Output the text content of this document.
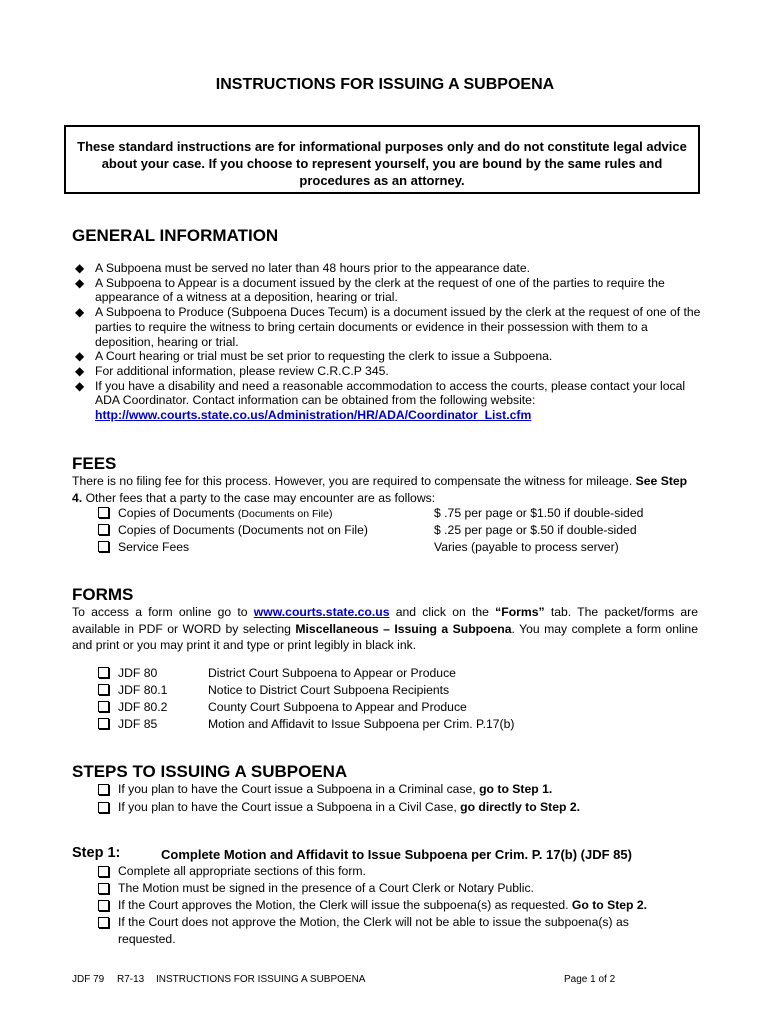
INSTRUCTIONS FOR ISSUING A SUBPOENA
These standard instructions are for informational purposes only and do not constitute legal advice about your case. If you choose to represent yourself, you are bound by the same rules and procedures as an attorney.
GENERAL INFORMATION
◆ A Subpoena must be served no later than 48 hours prior to the appearance date.
◆ A Subpoena to Appear is a document issued by the clerk at the request of one of the parties to require the appearance of a witness at a deposition, hearing or trial.
◆ A Subpoena to Produce (Subpoena Duces Tecum) is a document issued by the clerk at the request of one of the parties to require the witness to bring certain documents or evidence in their possession with them to a deposition, hearing or trial.
◆ A Court hearing or trial must be set prior to requesting the clerk to issue a Subpoena.
◆ For additional information, please review C.R.C.P 345.
◆ If you have a disability and need a reasonable accommodation to access the courts, please contact your local ADA Coordinator. Contact information can be obtained from the following website:
http://www.courts.state.co.us/Administration/HR/ADA/Coordinator_List.cfm
FEES
There is no filing fee for this process. However, you are required to compensate the witness for mileage. See Step 4. Other fees that a party to the case may encounter are as follows:
Copies of Documents (Documents on File)	$ .75 per page or $1.50 if double-sided
Copies of Documents (Documents not on File)	$ .25 per page or $.50 if double-sided
Service Fees	Varies (payable to process server)
FORMS
To access a form online go to www.courts.state.co.us and click on the “Forms” tab. The packet/forms are available in PDF or WORD by selecting Miscellaneous – Issuing a Subpoena. You may complete a form online and print or you may print it and type or print legibly in black ink.
JDF 80	District Court Subpoena to Appear or Produce
JDF 80.1	Notice to District Court Subpoena Recipients
JDF 80.2	County Court Subpoena to Appear and Produce
JDF 85	Motion and Affidavit to Issue Subpoena per Crim. P.17(b)
STEPS TO ISSUING A SUBPOENA
If you plan to have the Court issue a Subpoena in a Criminal case, go to Step 1.
If you plan to have the Court issue a Subpoena in a Civil Case, go directly to Step 2.
Step 1:	Complete Motion and Affidavit to Issue Subpoena per Crim. P. 17(b) (JDF 85)
Complete all appropriate sections of this form.
The Motion must be signed in the presence of a Court Clerk or Notary Public.
If the Court approves the Motion, the Clerk will issue the subpoena(s) as requested. Go to Step 2.
If the Court does not approve the Motion, the Clerk will not be able to issue the subpoena(s) as requested.
JDF 79 R7-13 INSTRUCTIONS FOR ISSUING A SUBPOENA	Page 1 of 2
